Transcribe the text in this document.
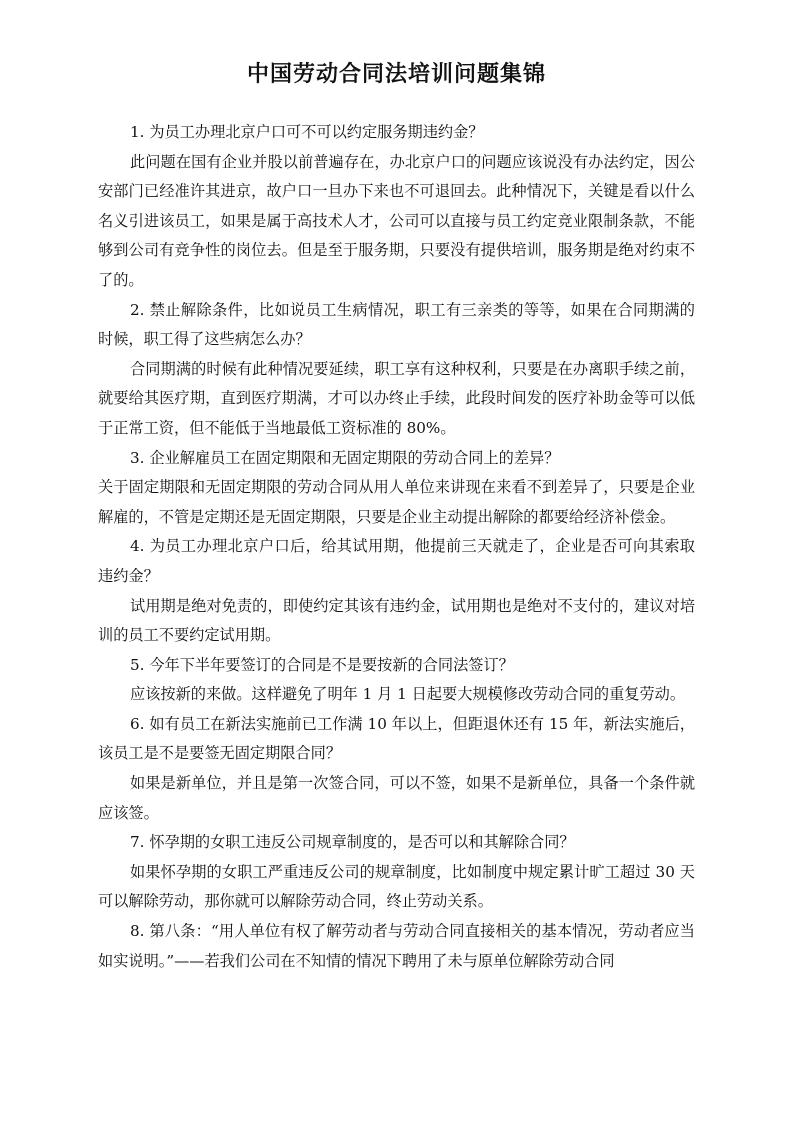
中国劳动合同法培训问题集锦

1. 为员工办理北京户口可不可以约定服务期违约金？

此问题在国有企业并股以前普遍存在，办北京户口的问题应该说没有办法约定，因公安部门已经准许其进京，故户口一旦办下来也不可退回去。此种情况下，关键是看以什么名义引进该员工，如果是属于高技术人才，公司可以直接与员工约定竞业限制条款，不能够到公司有竞争性的岗位去。但是至于服务期，只要没有提供培训，服务期是绝对约束不了的。

2. 禁止解除条件，比如说员工生病情况，职工有三亲类的等等，如果在合同期满的时候，职工得了这些病怎么办？

合同期满的时候有此种情况要延续，职工享有这种权利，只要是在办离职手续之前，就要给其医疗期，直到医疗期满，才可以办终止手续，此段时间发的医疗补助金等可以低于正常工资，但不能低于当地最低工资标准的 80%。

3. 企业解雇员工在固定期限和无固定期限的劳动合同上的差异？

关于固定期限和无固定期限的劳动合同从用人单位来讲现在来看不到差异了，只要是企业解雇的，不管是定期还是无固定期限，只要是企业主动提出解除的都要给经济补偿金。

4. 为员工办理北京户口后，给其试用期，他提前三天就走了，企业是否可向其索取违约金？

试用期是绝对免责的，即使约定其该有违约金，试用期也是绝对不支付的，建议对培训的员工不要约定试用期。

5. 今年下半年要签订的合同是不是要按新的合同法签订？

应该按新的来做。这样避免了明年 1 月 1 日起要大规模修改劳动合同的重复劳动。

6. 如有员工在新法实施前已工作满 10 年以上，但距退休还有 15 年，新法实施后，该员工是不是要签无固定期限合同？

如果是新单位，并且是第一次签合同，可以不签，如果不是新单位，具备一个条件就应该签。

7. 怀孕期的女职工违反公司规章制度的，是否可以和其解除合同？

如果怀孕期的女职工严重违反公司的规章制度，比如制度中规定累计旷工超过 30 天可以解除劳动，那你就可以解除劳动合同，终止劳动关系。

8. 第八条：“用人单位有权了解劳动者与劳动合同直接相关的基本情况，劳动者应当如实说明。”——若我们公司在不知情的情况下聘用了未与原单位解除劳动合同
